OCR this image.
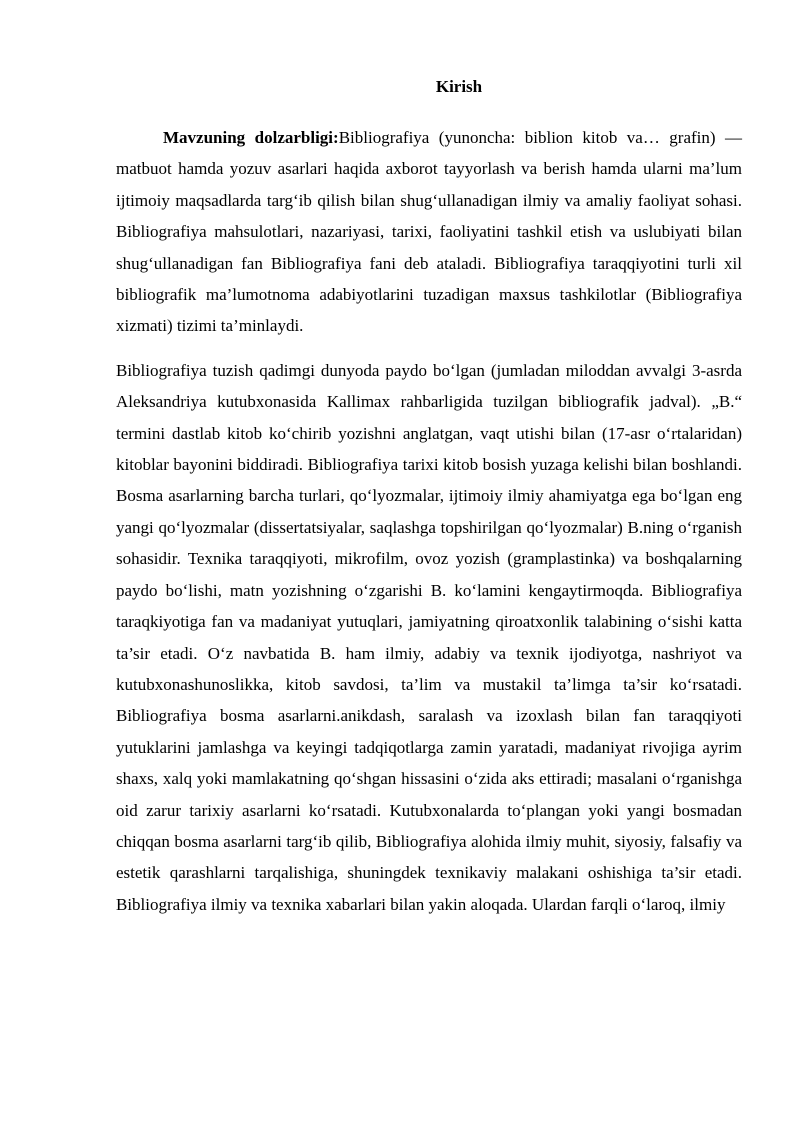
Kirish

Mavzuning dolzarbligi:Bibliografiya (yunoncha: biblion kitob va… grafin) — matbuot hamda yozuv asarlari haqida axborot tayyorlash va berish hamda ularni ma’lum ijtimoiy maqsadlarda targ‘ib qilish bilan shug‘ullanadigan ilmiy va amaliy faoliyat sohasi. Bibliografiya mahsulotlari, nazariyasi, tarixi, faoliyatini tashkil etish va uslubiyati bilan shug‘ullanadigan fan Bibliografiya fani deb ataladi. Bibliografiya taraqqiyotini turli xil bibliografik ma’lumotnoma adabiyotlarini tuzadigan maxsus tashkilotlar (Bibliografiya xizmati) tizimi ta’minlaydi.

Bibliografiya tuzish qadimgi dunyoda paydo bo‘lgan (jumladan miloddan avvalgi 3-asrda Aleksandriya kutubxonasida Kallimax rahbarligida tuzilgan bibliografik jadval). „B.“ termini dastlab kitob ko‘chirib yozishni anglatgan, vaqt utishi bilan (17-asr o‘rtalaridan) kitoblar bayonini biddiradi. Bibliografiya tarixi kitob bosish yuzaga kelishi bilan boshlandi. Bosma asarlarning barcha turlari, qo‘lyozmalar, ijtimoiy ilmiy ahamiyatga ega bo‘lgan eng yangi qo‘lyozmalar (dissertatsiyalar, saqlashga topshirilgan qo‘lyozmalar) B.ning o‘rganish sohasidir. Texnika taraqqiyoti, mikrofilm, ovoz yozish (gramplastinka) va boshqalarning paydo bo‘lishi, matn yozishning o‘zgarishi B. ko‘lamini kengaytirmoqda. Bibliografiya taraqkiyotiga fan va madaniyat yutuqlari, jamiyatning qiroatxonlik talabining o‘sishi katta ta’sir etadi. O‘z navbatida B. ham ilmiy, adabiy va texnik ijodiyotga, nashriyot va kutubxonashunoslikka, kitob savdosi, ta’lim va mustakil ta’limga ta’sir ko‘rsatadi. Bibliografiya bosma asarlarni.anikdash, saralash va izoxlash bilan fan taraqqiyoti yutuklarini jamlashga va keyingi tadqiqotlarga zamin yaratadi, madaniyat rivojiga ayrim shaxs, xalq yoki mamlakatning qo‘shgan hissasini o‘zida aks ettiradi; masalani o‘rganishga oid zarur tarixiy asarlarni ko‘rsatadi. Kutubxonalarda to‘plangan yoki yangi bosmadan chiqqan bosma asarlarni targ‘ib qilib, Bibliografiya alohida ilmiy muhit, siyosiy, falsafiy va estetik qarashlarni tarqalishiga, shuningdek texnikaviy malakani oshishiga ta’sir etadi. Bibliografiya ilmiy va texnika xabarlari bilan yakin aloqada. Ulardan farqli o‘laroq, ilmiy
